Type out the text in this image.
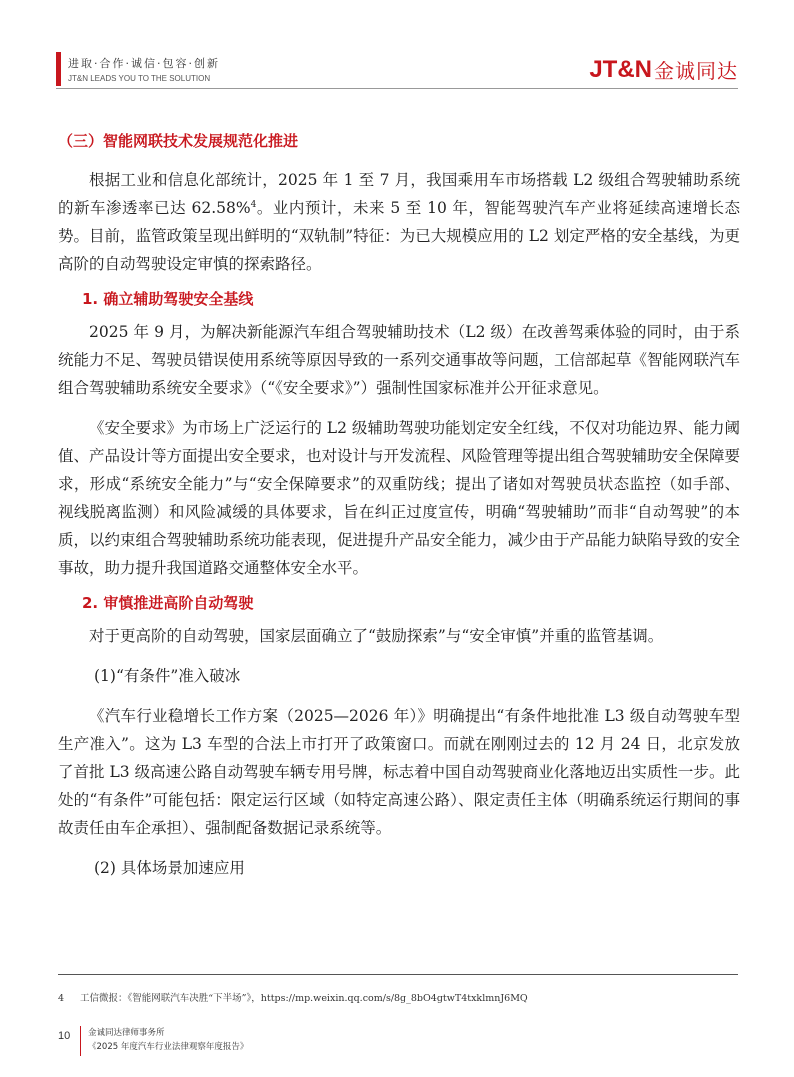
进取·合作·诚信·包容·创新
JT&N LEADS YOU TO THE SOLUTION	JT&N 金诚同达
（三）智能网联技术发展规范化推进

根据工业和信息化部统计，2025 年 1 至 7 月，我国乘用车市场搭载 L2 级组合驾驶辅助系统的新车渗透率已达 62.58%$^4$。业内预计，未来 5 至 10 年，智能驾驶汽车产业将延续高速增长态势。目前，监管政策呈现出鲜明的“双轨制”特征：为已大规模应用的 L2 划定严格的安全基线，为更高阶的自动驾驶设定审慎的探索路径。

1. 确立辅助驾驶安全基线

2025 年 9 月，为解决新能源汽车组合驾驶辅助技术（L2 级）在改善驾乘体验的同时，由于系统能力不足、驾驶员错误使用系统等原因导致的一系列交通事故等问题，工信部起草《智能网联汽车组合驾驶辅助系统安全要求》（“《安全要求》”）强制性国家标准并公开征求意见。

《安全要求》为市场上广泛运行的 L2 级辅助驾驶功能划定安全红线，不仅对功能边界、能力阈值、产品设计等方面提出安全要求，也对设计与开发流程、风险管理等提出组合驾驶辅助安全保障要求，形成“系统安全能力”与“安全保障要求”的双重防线；提出了诸如对驾驶员状态监控（如手部、视线脱离监测）和风险减缓的具体要求，旨在纠正过度宣传，明确“驾驶辅助”而非“自动驾驶”的本质，以约束组合驾驶辅助系统功能表现，促进提升产品安全能力，减少由于产品能力缺陷导致的安全事故，助力提升我国道路交通整体安全水平。

2. 审慎推进高阶自动驾驶

对于更高阶的自动驾驶，国家层面确立了“鼓励探索”与“安全审慎”并重的监管基调。

(1)“有条件”准入破冰

《汽车行业稳增长工作方案（2025—2026 年）》明确提出“有条件地批准 L3 级自动驾驶车型生产准入”。这为 L3 车型的合法上市打开了政策窗口。而就在刚刚过去的 12 月 24 日，北京发放了首批 L3 级高速公路自动驾驶车辆专用号牌，标志着中国自动驾驶商业化落地迈出实质性一步。此处的“有条件”可能包括：限定运行区域（如特定高速公路）、限定责任主体（明确系统运行期间的事故责任由车企承担）、强制配备数据记录系统等。

(2) 具体场景加速应用
4 工信微报：《智能网联汽车决胜“下半场”》，https://mp.weixin.qq.com/s/8g_8bO4gtwT4txklmnJ6MQ
10 金诚同达律师事务所
《2025 年度汽车行业法律观察年度报告》
